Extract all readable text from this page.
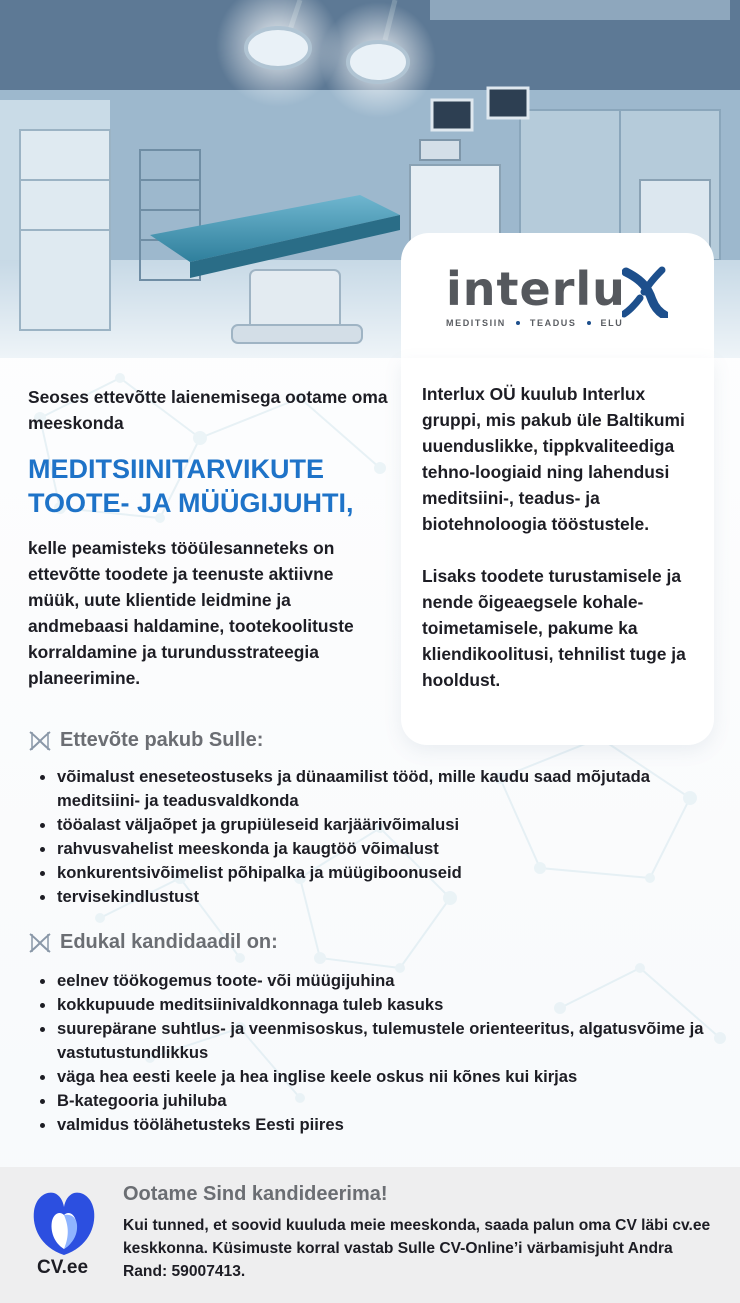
interlu
MEDITSIIN	TEADUS	ELU

Interlux OÜ kuulub Interlux gruppi, mis pakub üle Baltikumi uuenduslikke, tippkvaliteediga tehno-loogiaid ning lahendusi meditsiini-, teadus- ja biotehnoloogia tööstustele.

Lisaks toodete turustamisele ja nende õigeaegsele kohale-toimetamisele, pakume ka kliendikoolitusi, tehnilist tuge ja hooldust.

Seoses ettevõtte laienemisega ootame oma meeskonda

MEDITSIINITARVIKUTE TOOTE- JA MÜÜGIJUHTI,

kelle peamisteks tööülesanneteks on ettevõtte toodete ja teenuste aktiivne müük, uute klientide leidmine ja andmebaasi haldamine, tootekoolituste korraldamine ja turundusstrateegia planeerimine.

Ettevõte pakub Sulle:
võimalust eneseteostuseks ja dünaamilist tööd, mille kaudu saad mõjutada meditsiini- ja teadusvaldkonda
tööalast väljaõpet ja grupiüleseid karjäärivõimalusi
rahvusvahelist meeskonda ja kaugtöö võimalust
konkurentsivõimelist põhipalka ja müügiboonuseid
tervisekindlustust
Edukal kandidaadil on:
eelnev töökogemus toote- või müügijuhina
kokkupuude meditsiinivaldkonnaga tuleb kasuks
suurepärane suhtlus- ja veenmisoskus, tulemustele orienteeritus, algatusvõime ja vastutustundlikkus
väga hea eesti keele ja hea inglise keele oskus nii kõnes kui kirjas
B-kategooria juhiluba
valmidus töölähetusteks Eesti piires
CV.ee
Ootame Sind kandideerima!

Kui tunned, et soovid kuuluda meie meeskonda, saada palun oma CV läbi cv.ee keskkonna. Küsimuste korral vastab Sulle CV-Online’i värbamisjuht Andra Rand: 59007413.
